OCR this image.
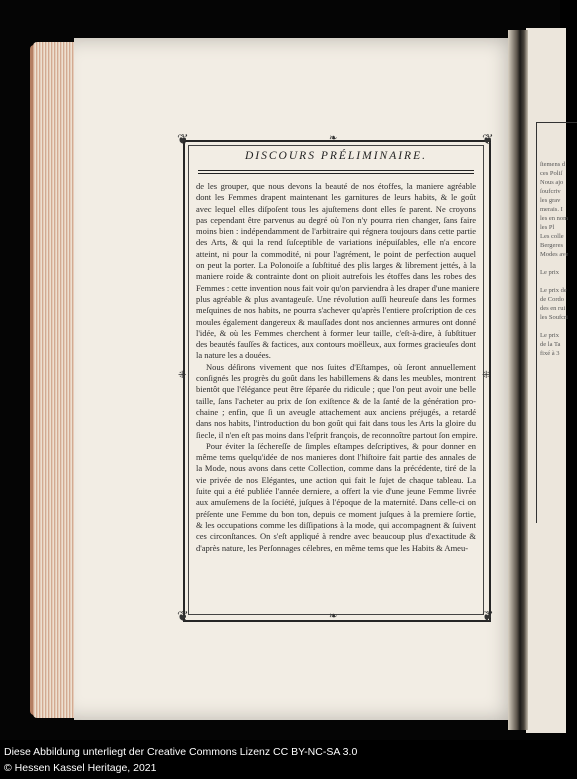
ſtemens d
ces Poliſ
Nous ajo
ſoufcriv
les grav
merais. I
les en nom
les Pl
Les colle
Bergeres
Modes ave
Le prix
Le prix de
de Cordo
des en rui
les Soufcri
Le prix
de la Ta
fixé à 3
❦	❦
❦	❦
❧
❧
⁜	⁜
DISCOURS PRÉLIMINAIRE.
de les grouper, que nous devons la beauté de nos étoffes, la maniere agréable
dont les Femmes drapent maintenant les garnitures de leurs habits, & le goût
avec lequel elles diſpoſent tous les ajuſtemens dont elles ſe parent. Ne croyons
pas cependant être parvenus au degré où l'on n'y pourra rien changer, ſans faire
moins bien : indépendamment de l'arbitraire qui régnera toujours dans cette partie
des Arts, & qui la rend ſuſceptible de variations inépuiſables, elle n'a encore
atteint, ni pour la commodité, ni pour l'agrément, le point de perfection auquel
on peut la porter. La Polonoiſe a ſubſtitué des plis larges & librement jettés, à la
maniere roide & contrainte dont on plioit autrefois les étoffes dans les robes des
Femmes : cette invention nous fait voir qu'on parviendra à les draper d'une maniere
plus agréable & plus avantageuſe. Une révolution auſſi heureuſe dans les formes
meſquines de nos habits, ne pourra s'achever qu'après l'entiere proſcription de ces
moules également dangereux & mauſſades dont nos anciennes armures ont donné
l'idée, & où les Femmes cherchent à former leur taille, c'eſt-à-dire, à ſubſtituer
des beautés fauſſes & factices, aux contours moëlleux, aux formes gracieuſes dont
la nature les a douées.
Nous déſirons vivement que nos ſuites d'Eſtampes, où ſeront annuellement
conſignés les progrès du goût dans les habillemens & dans les meubles, montrent
bientôt que l'élégance peut être ſéparée du ridicule ; que l'on peut avoir une belle
taille, ſans l'acheter au prix de ſon exiſtence & de la ſanté de la génération pro-
chaine ; enfin, que ſi un aveugle attachement aux anciens préjugés, a retardé
dans nos habits, l'introduction du bon goût qui fait dans tous les Arts la gloire du
ſiecle, il n'en eſt pas moins dans l'eſprit françois, de reconnoître partout ſon empire.
Pour éviter la ſéchereſſe de ſimples eſtampes deſcriptives, & pour donner en
même tems quelqu'idée de nos manieres dont l'hiſtoire fait partie des annales de
la Mode, nous avons dans cette Collection, comme dans la précédente, tiré de la
vie privée de nos Elégantes, une action qui fait le ſujet de chaque tableau. La
ſuite qui a été publiée l'année derniere, a offert la vie d'une jeune Femme livrée
aux amuſemens de la ſociété, juſques à l'époque de la maternité. Dans celle-ci on
préſente une Femme du bon ton, depuis ce moment juſques à la premiere ſortie,
& les occupations comme les diſſipations à la mode, qui accompagnent & ſuivent
ces circonſtances. On s'eſt appliqué à rendre avec beaucoup plus d'exactitude &
d'après nature, les Perſonnages célebres, en même tems que les Habits & Ameu-
Diese Abbildung unterliegt der Creative Commons Lizenz CC BY-NC-SA 3.0
© Hessen Kassel Heritage, 2021
